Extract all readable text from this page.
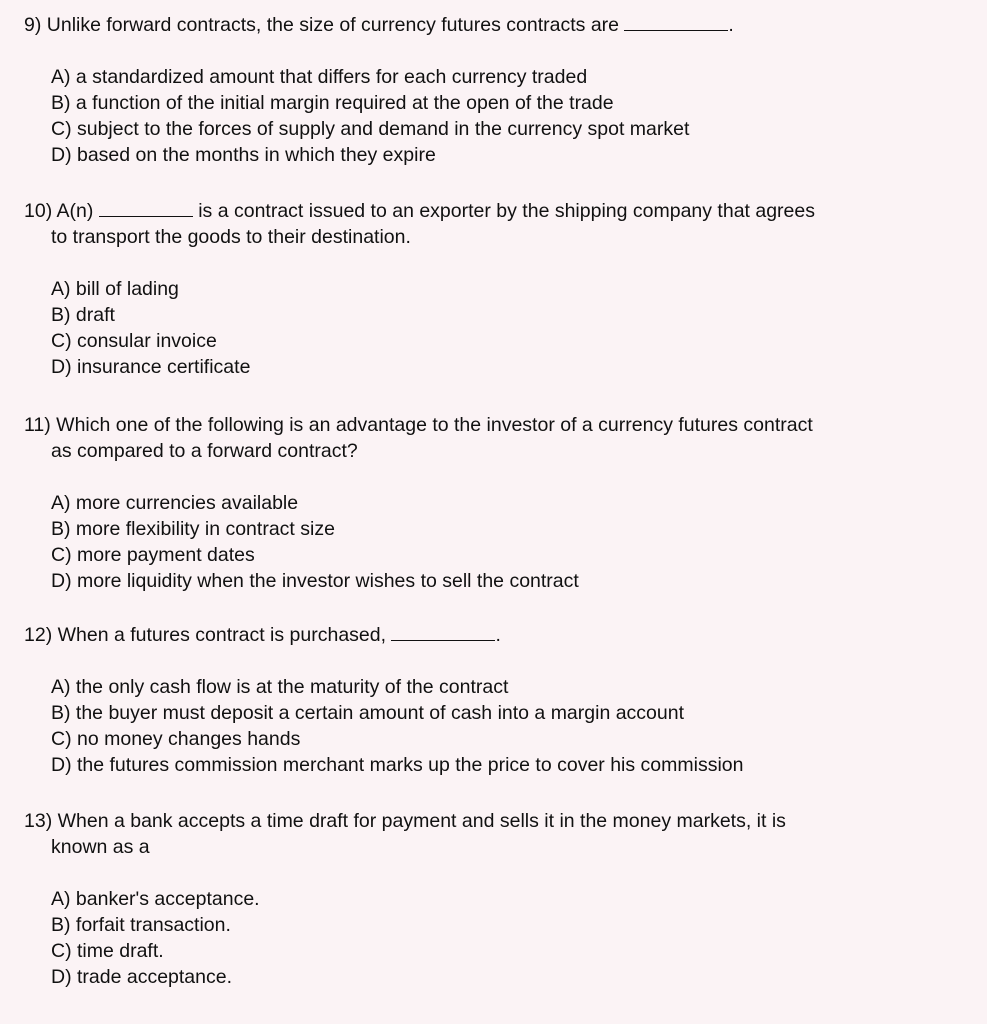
9) Unlike forward contracts, the size of currency futures contracts are	.

A) a standardized amount that differs for each currency traded
B) a function of the initial margin required at the open of the trade
C) subject to the forces of supply and demand in the currency spot market
D) based on the months in which they expire

10) A(n)	is a contract issued to an exporter by the shipping company that agrees
to transport the goods to their destination.

A) bill of lading
B) draft
C) consular invoice
D) insurance certificate

11) Which one of the following is an advantage to the investor of a currency futures contract
as compared to a forward contract?

A) more currencies available
B) more flexibility in contract size
C) more payment dates
D) more liquidity when the investor wishes to sell the contract

12) When a futures contract is purchased,	.

A) the only cash flow is at the maturity of the contract
B) the buyer must deposit a certain amount of cash into a margin account
C) no money changes hands
D) the futures commission merchant marks up the price to cover his commission

13) When a bank accepts a time draft for payment and sells it in the money markets, it is
known as a

A) banker's acceptance.
B) forfait transaction.
C) time draft.
D) trade acceptance.
